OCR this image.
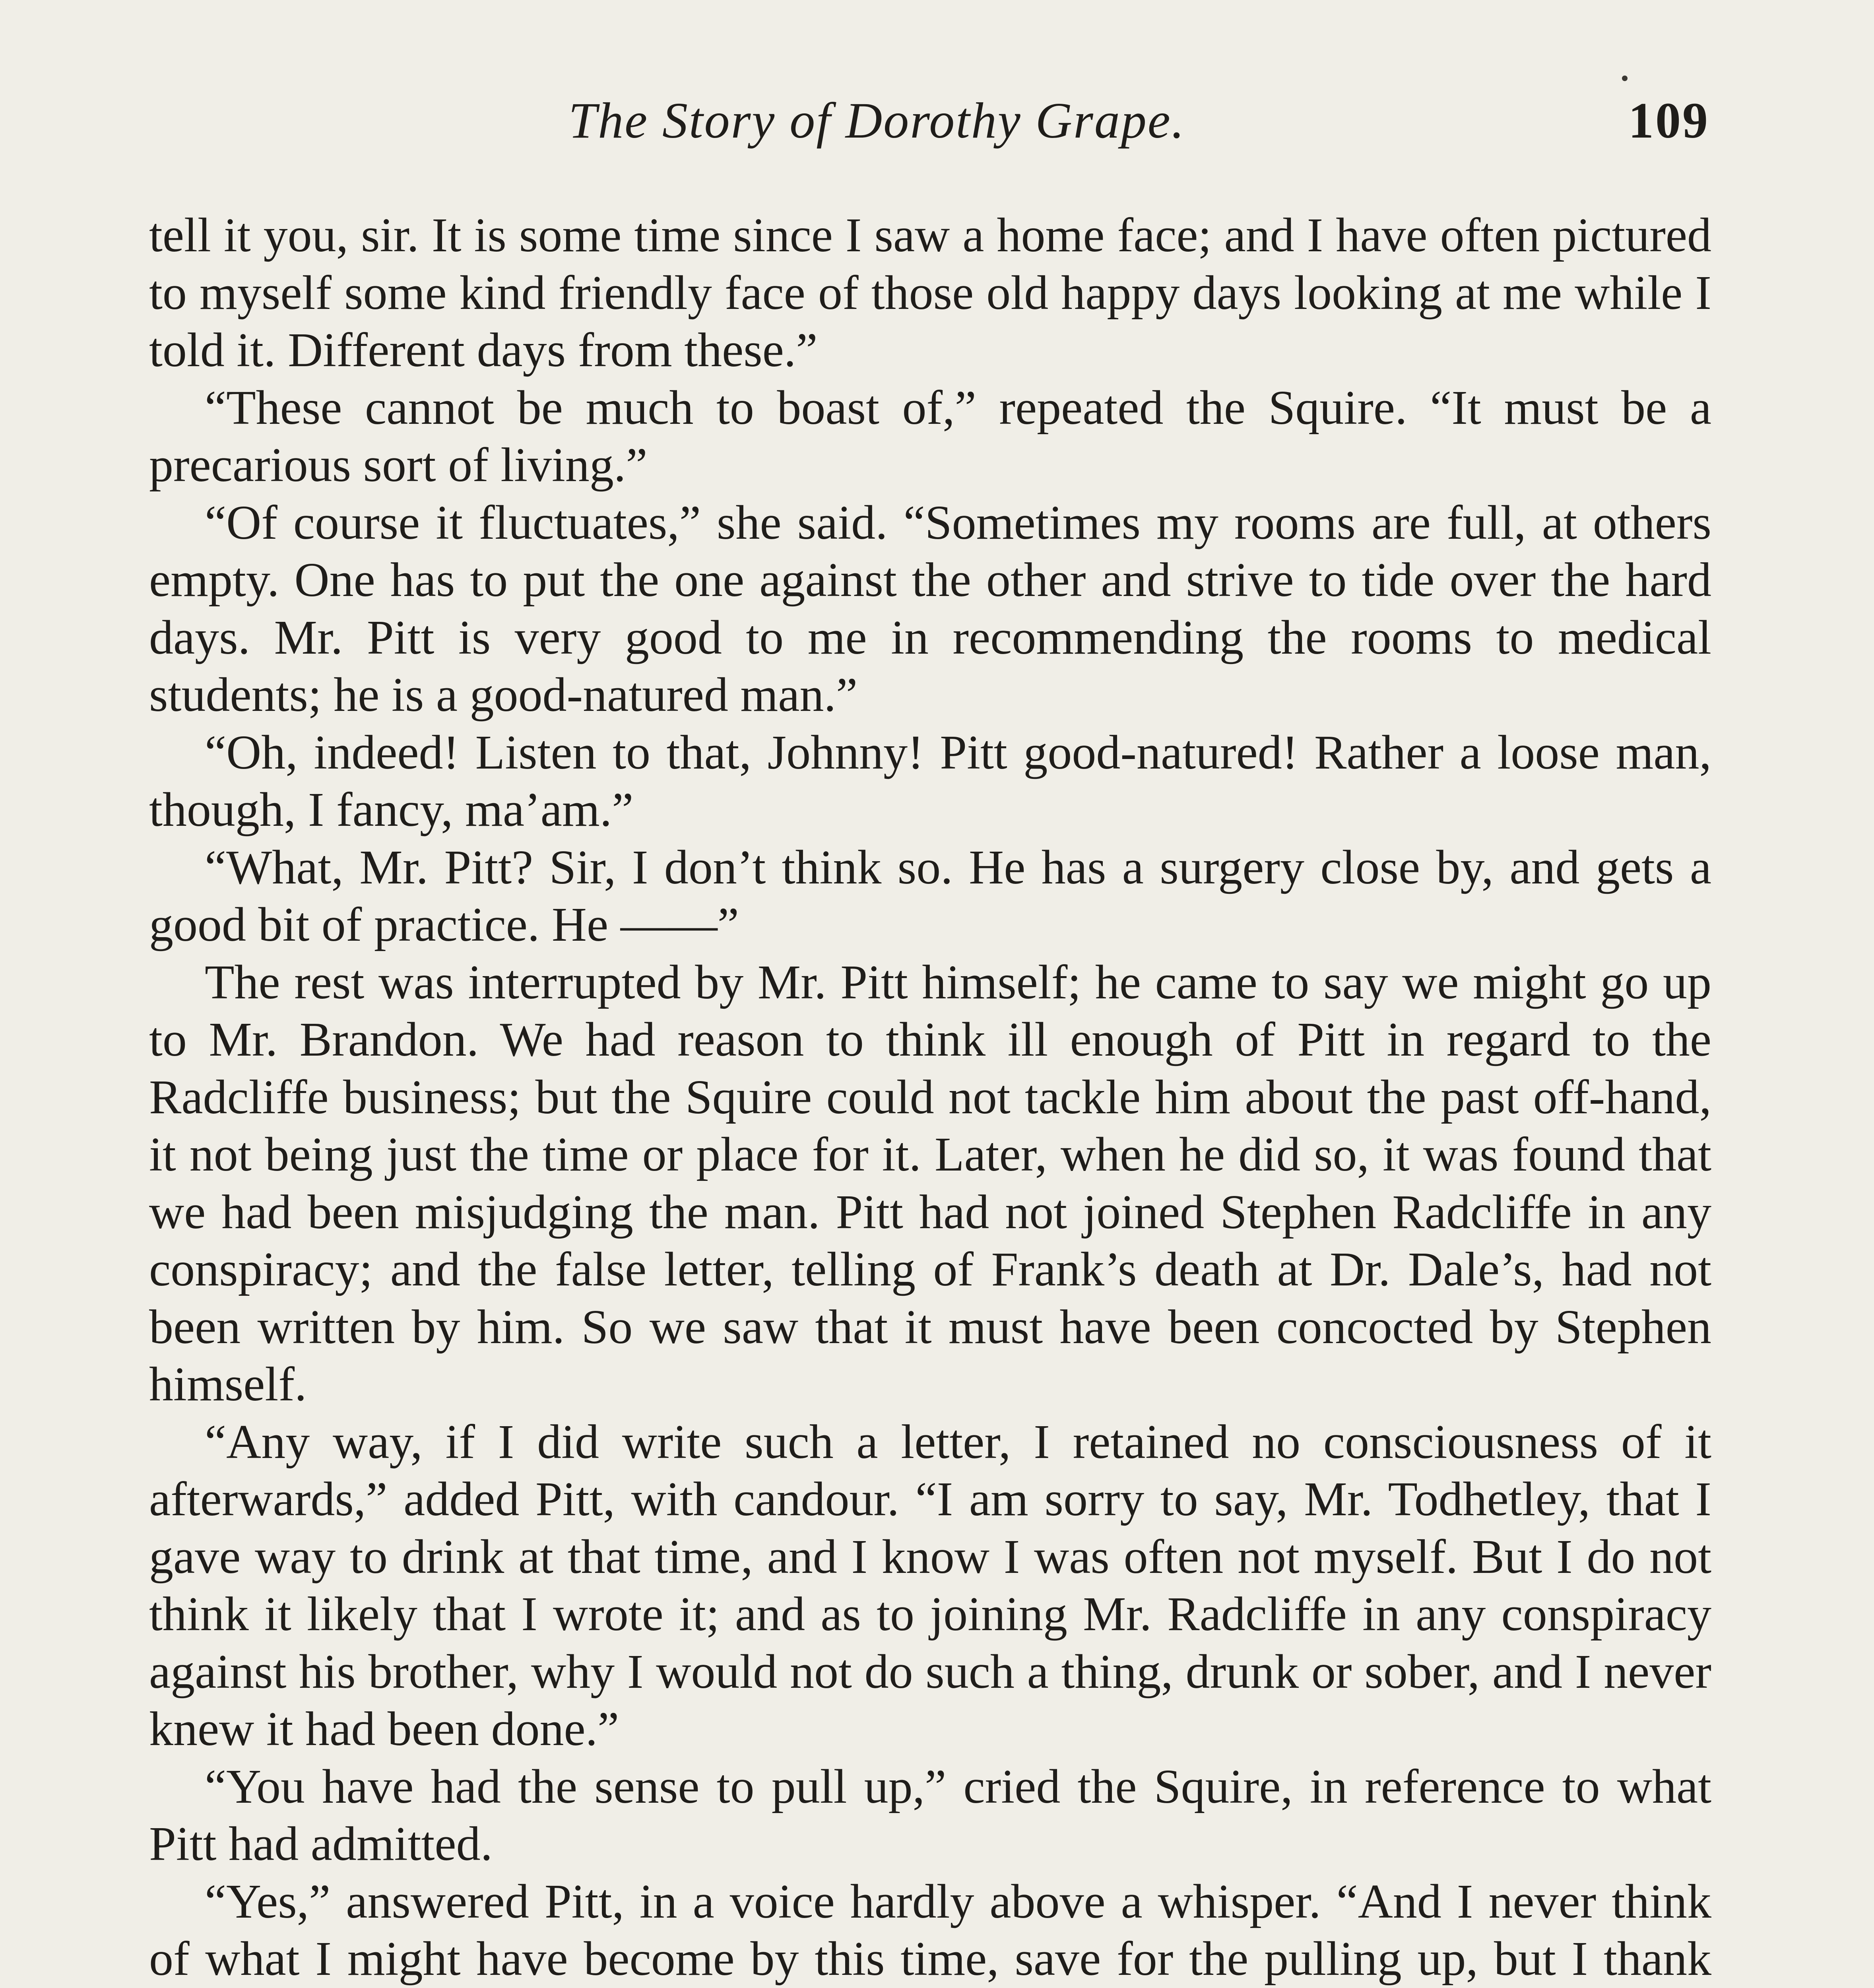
The Story of Dorothy Grape.	109

tell it you, sir. It is some time since I saw a home face; and I have often pictured to myself some kind friendly face of those old happy days looking at me while I told it. Different days from these.”

“These cannot be much to boast of,” repeated the Squire. “It must be a precarious sort of living.”

“Of course it fluctuates,” she said. “Sometimes my rooms are full, at others empty. One has to put the one against the other and strive to tide over the hard days. Mr. Pitt is very good to me in recommending the rooms to medical students; he is a good-natured man.”

“Oh, indeed! Listen to that, Johnny! Pitt good-natured! Rather a loose man, though, I fancy, ma’am.”

“What, Mr. Pitt? Sir, I don’t think so. He has a surgery close by, and gets a good bit of practice. He ——”

The rest was interrupted by Mr. Pitt himself; he came to say we might go up to Mr. Brandon. We had reason to think ill enough of Pitt in regard to the Radcliffe business; but the Squire could not tackle him about the past off-hand, it not being just the time or place for it. Later, when he did so, it was found that we had been misjudging the man. Pitt had not joined Stephen Radcliffe in any conspiracy; and the false letter, telling of Frank’s death at Dr. Dale’s, had not been written by him. So we saw that it must have been concocted by Stephen himself.

“Any way, if I did write such a letter, I retained no consciousness of it afterwards,” added Pitt, with candour. “I am sorry to say, Mr. Todhetley, that I gave way to drink at that time, and I know I was often not myself. But I do not think it likely that I wrote it; and as to joining Mr. Radcliffe in any conspiracy against his brother, why I would not do such a thing, drunk or sober, and I never knew it had been done.”

“You have had the sense to pull up,” cried the Squire, in reference to what Pitt had admitted.

“Yes,” answered Pitt, in a voice hardly above a whisper. “And I never think of what I might have become by this time, save for the pulling up, but I thank
